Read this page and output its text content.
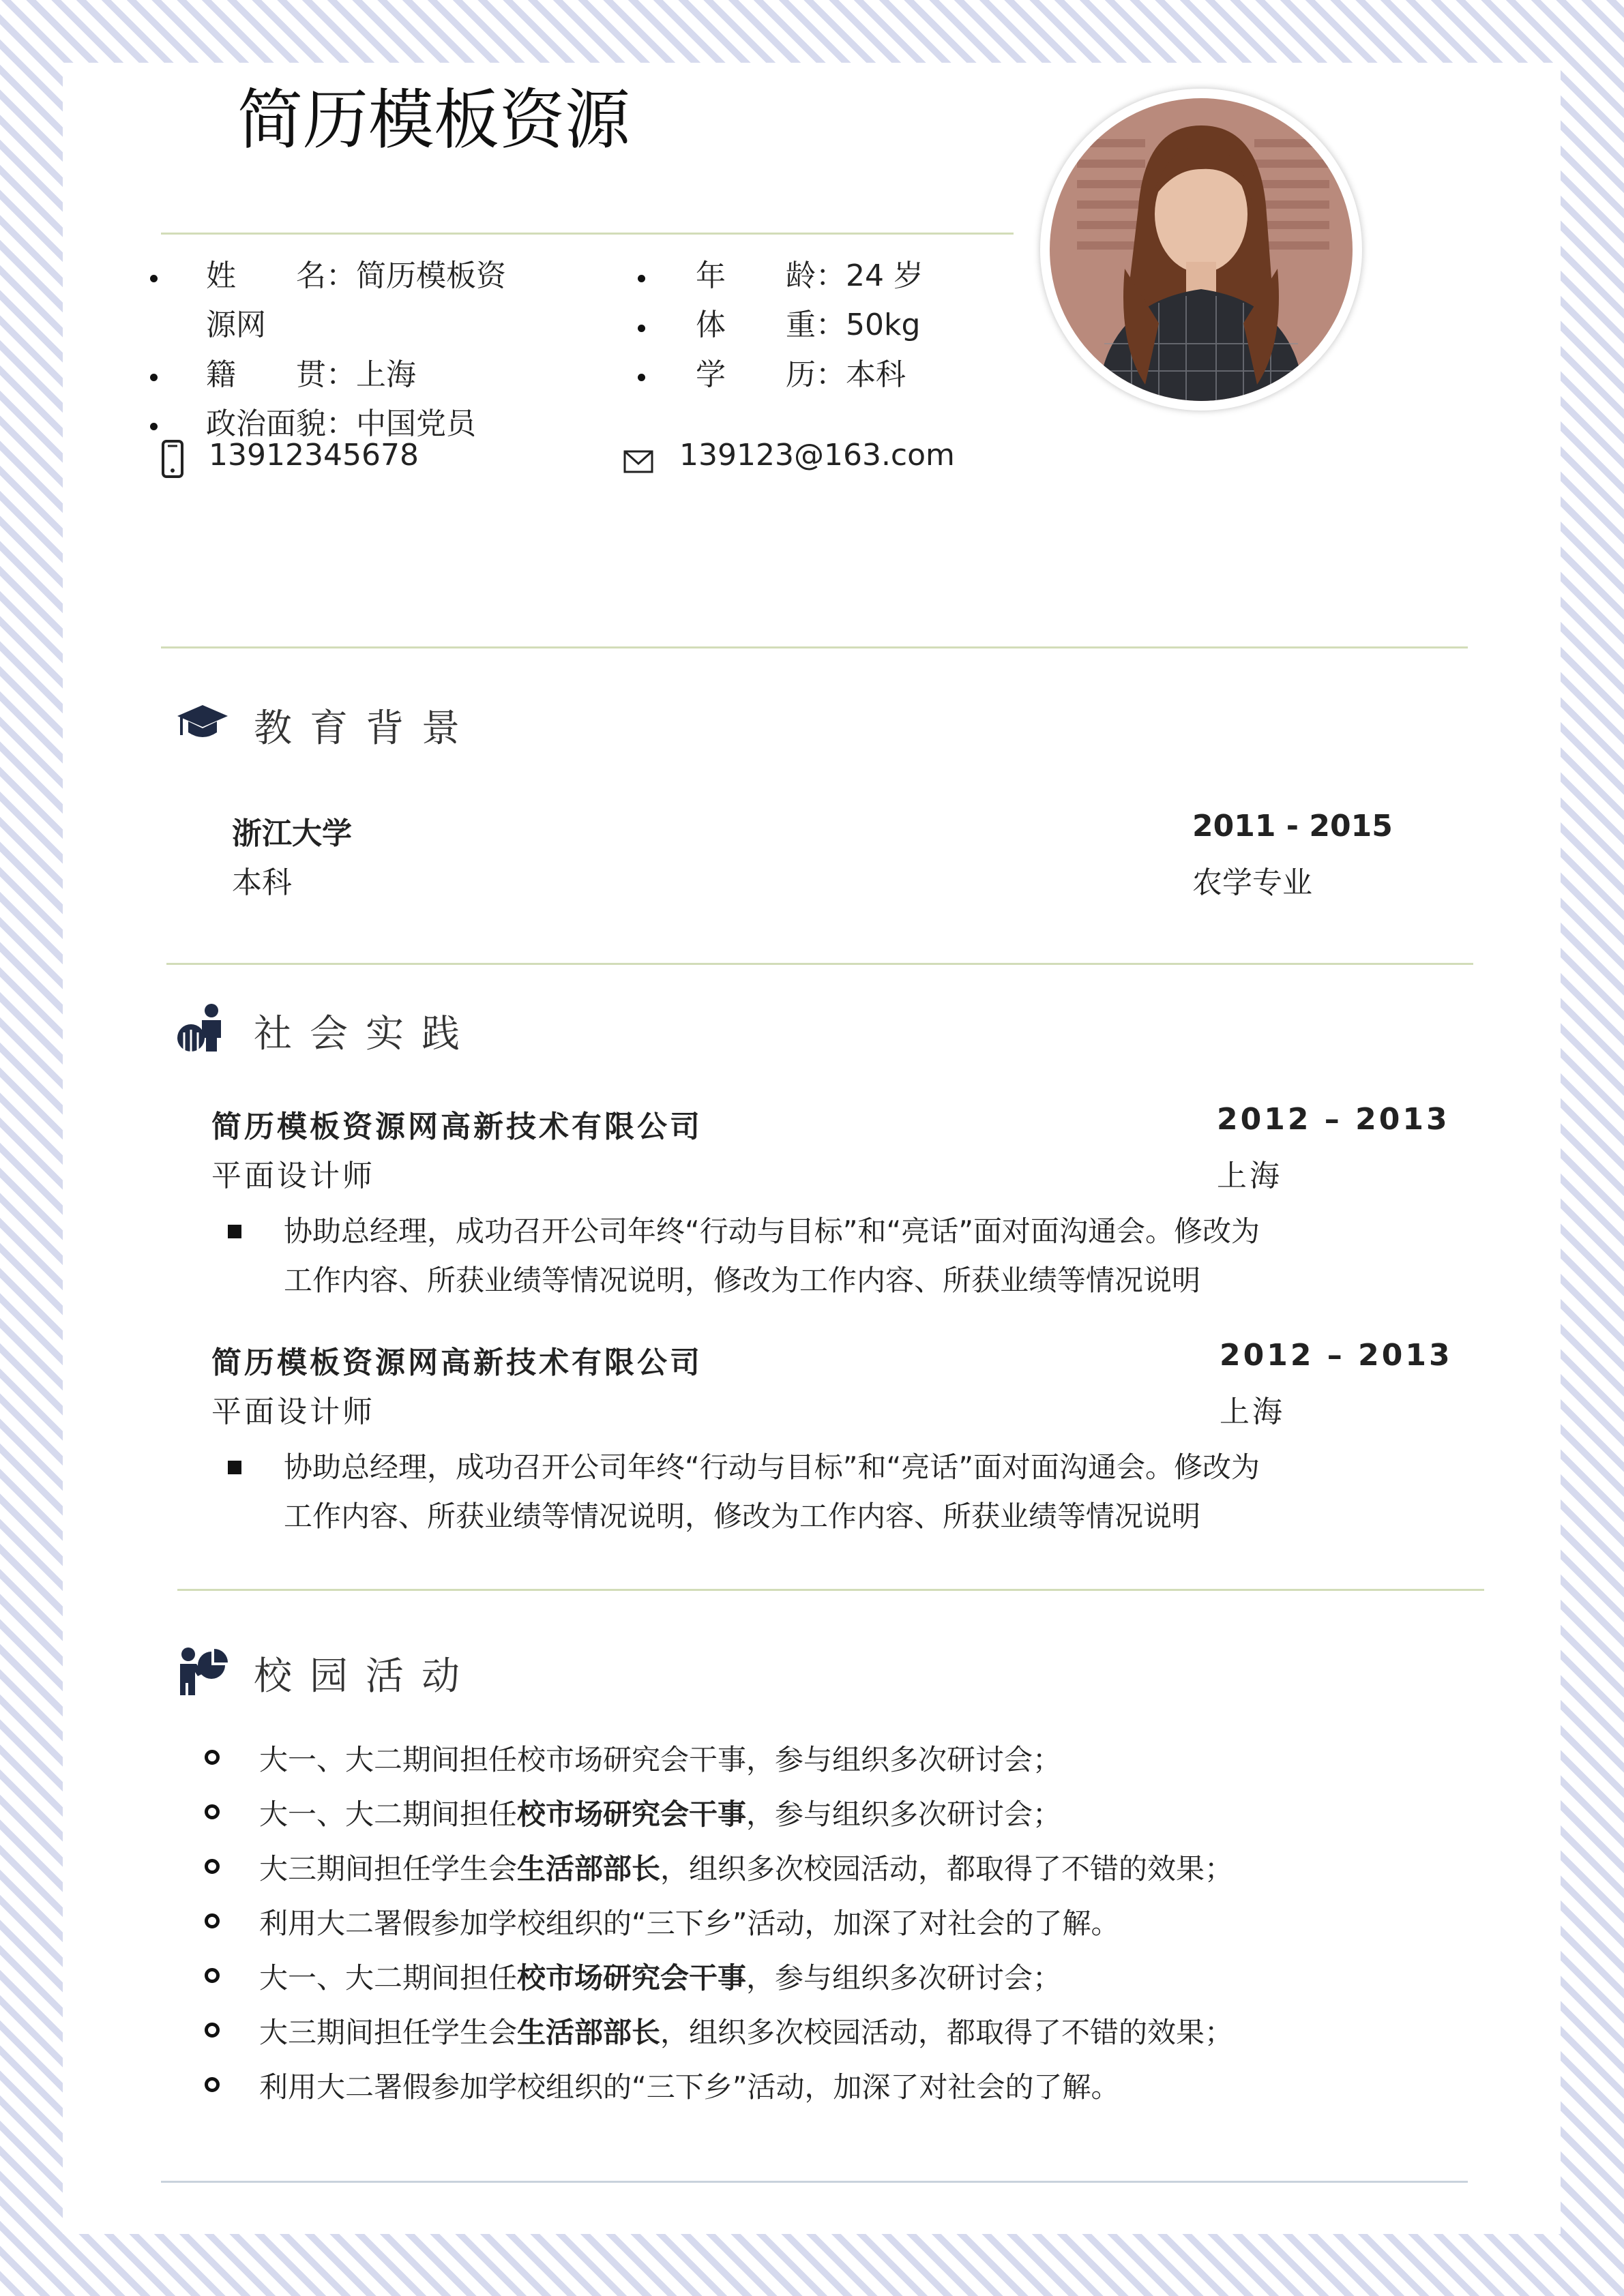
简历模板资源
姓　　名：简历模板资
源网
年　　龄：24 岁
体　　重：50kg
籍　　贯：上海	学　　历：本科
政治面貌：中国党员
13912345678	139123@163.com
教育背景
浙江大学
本科
2011 - 2015
农学专业
社会实践
简历模板资源网高新技术有限公司
平面设计师
2012 – 2013
上海
协助总经理，成功召开公司年终“行动与目标”和“亮话”面对面沟通会。修改为
工作内容、所获业绩等情况说明，修改为工作内容、所获业绩等情况说明
简历模板资源网高新技术有限公司
平面设计师
2012 – 2013
上海
协助总经理，成功召开公司年终“行动与目标”和“亮话”面对面沟通会。修改为
工作内容、所获业绩等情况说明，修改为工作内容、所获业绩等情况说明
校园活动
大一、大二期间担任校市场研究会干事，参与组织多次研讨会；
大一、大二期间担任校市场研究会干事，参与组织多次研讨会；
大三期间担任学生会生活部部长，组织多次校园活动，都取得了不错的效果；
利用大二署假参加学校组织的“三下乡”活动，加深了对社会的了解。
大一、大二期间担任校市场研究会干事，参与组织多次研讨会；
大三期间担任学生会生活部部长，组织多次校园活动，都取得了不错的效果；
利用大二署假参加学校组织的“三下乡”活动，加深了对社会的了解。
